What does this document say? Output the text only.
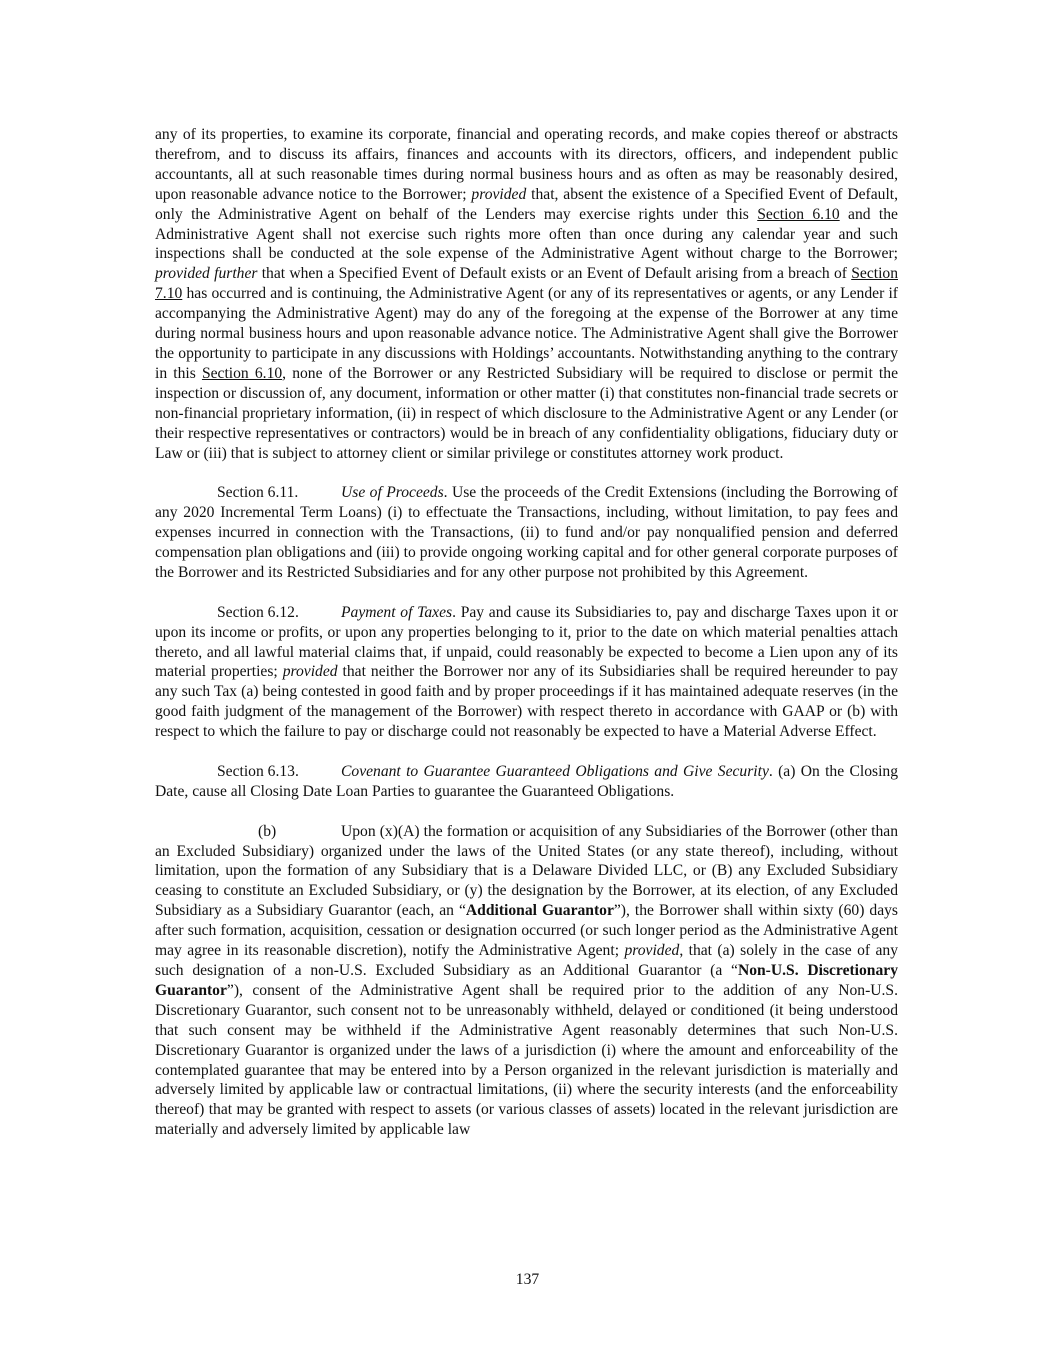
any of its properties, to examine its corporate, financial and operating records, and make copies thereof or abstracts therefrom, and to discuss its affairs, finances and accounts with its directors, officers, and independent public accountants, all at such reasonable times during normal business hours and as often as may be reasonably desired, upon reasonable advance notice to the Borrower; provided that, absent the existence of a Specified Event of Default, only the Administrative Agent on behalf of the Lenders may exercise rights under this Section 6.10 and the Administrative Agent shall not exercise such rights more often than once during any calendar year and such inspections shall be conducted at the sole expense of the Administrative Agent without charge to the Borrower; provided further that when a Specified Event of Default exists or an Event of Default arising from a breach of Section 7.10 has occurred and is continuing, the Administrative Agent (or any of its representatives or agents, or any Lender if accompanying the Administrative Agent) may do any of the foregoing at the expense of the Borrower at any time during normal business hours and upon reasonable advance notice. The Administrative Agent shall give the Borrower the opportunity to participate in any discussions with Holdings’ accountants. Notwithstanding anything to the contrary in this Section 6.10, none of the Borrower or any Restricted Subsidiary will be required to disclose or permit the inspection or discussion of, any document, information or other matter (i) that constitutes non-financial trade secrets or non-financial proprietary information, (ii) in respect of which disclosure to the Administrative Agent or any Lender (or their respective representatives or contractors) would be in breach of any confidentiality obligations, fiduciary duty or Law or (iii) that is subject to attorney client or similar privilege or constitutes attorney work product.

Section 6.11.	Use of Proceeds. Use the proceeds of the Credit Extensions (including the Borrowing of any 2020 Incremental Term Loans) (i) to effectuate the Transactions, including, without limitation, to pay fees and expenses incurred in connection with the Transactions, (ii) to fund and/or pay nonqualified pension and deferred compensation plan obligations and (iii) to provide ongoing working capital and for other general corporate purposes of the Borrower and its Restricted Subsidiaries and for any other purpose not prohibited by this Agreement.

Section 6.12.	Payment of Taxes. Pay and cause its Subsidiaries to, pay and discharge Taxes upon it or upon its income or profits, or upon any properties belonging to it, prior to the date on which material penalties attach thereto, and all lawful material claims that, if unpaid, could reasonably be expected to become a Lien upon any of its material properties; provided that neither the Borrower nor any of its Subsidiaries shall be required hereunder to pay any such Tax (a) being contested in good faith and by proper proceedings if it has maintained adequate reserves (in the good faith judgment of the management of the Borrower) with respect thereto in accordance with GAAP or (b) with respect to which the failure to pay or discharge could not reasonably be expected to have a Material Adverse Effect.

Section 6.13.	Covenant to Guarantee Guaranteed Obligations and Give Security. (a) On the Closing Date, cause all Closing Date Loan Parties to guarantee the Guaranteed Obligations.

(b)	Upon (x)(A) the formation or acquisition of any Subsidiaries of the Borrower (other than an Excluded Subsidiary) organized under the laws of the United States (or any state thereof), including, without limitation, upon the formation of any Subsidiary that is a Delaware Divided LLC, or (B) any Excluded Subsidiary ceasing to constitute an Excluded Subsidiary, or (y) the designation by the Borrower, at its election, of any Excluded Subsidiary as a Subsidiary Guarantor (each, an “Additional Guarantor”), the Borrower shall within sixty (60) days after such formation, acquisition, cessation or designation occurred (or such longer period as the Administrative Agent may agree in its reasonable discretion), notify the Administrative Agent; provided, that (a) solely in the case of any such designation of a non-U.S. Excluded Subsidiary as an Additional Guarantor (a “Non-U.S. Discretionary Guarantor”), consent of the Administrative Agent shall be required prior to the addition of any Non-U.S. Discretionary Guarantor, such consent not to be unreasonably withheld, delayed or conditioned (it being understood that such consent may be withheld if the Administrative Agent reasonably determines that such Non-U.S. Discretionary Guarantor is organized under the laws of a jurisdiction (i) where the amount and enforceability of the contemplated guarantee that may be entered into by a Person organized in the relevant jurisdiction is materially and adversely limited by applicable law or contractual limitations, (ii) where the security interests (and the enforceability thereof) that may be granted with respect to assets (or various classes of assets) located in the relevant jurisdiction are materially and adversely limited by applicable law

137
